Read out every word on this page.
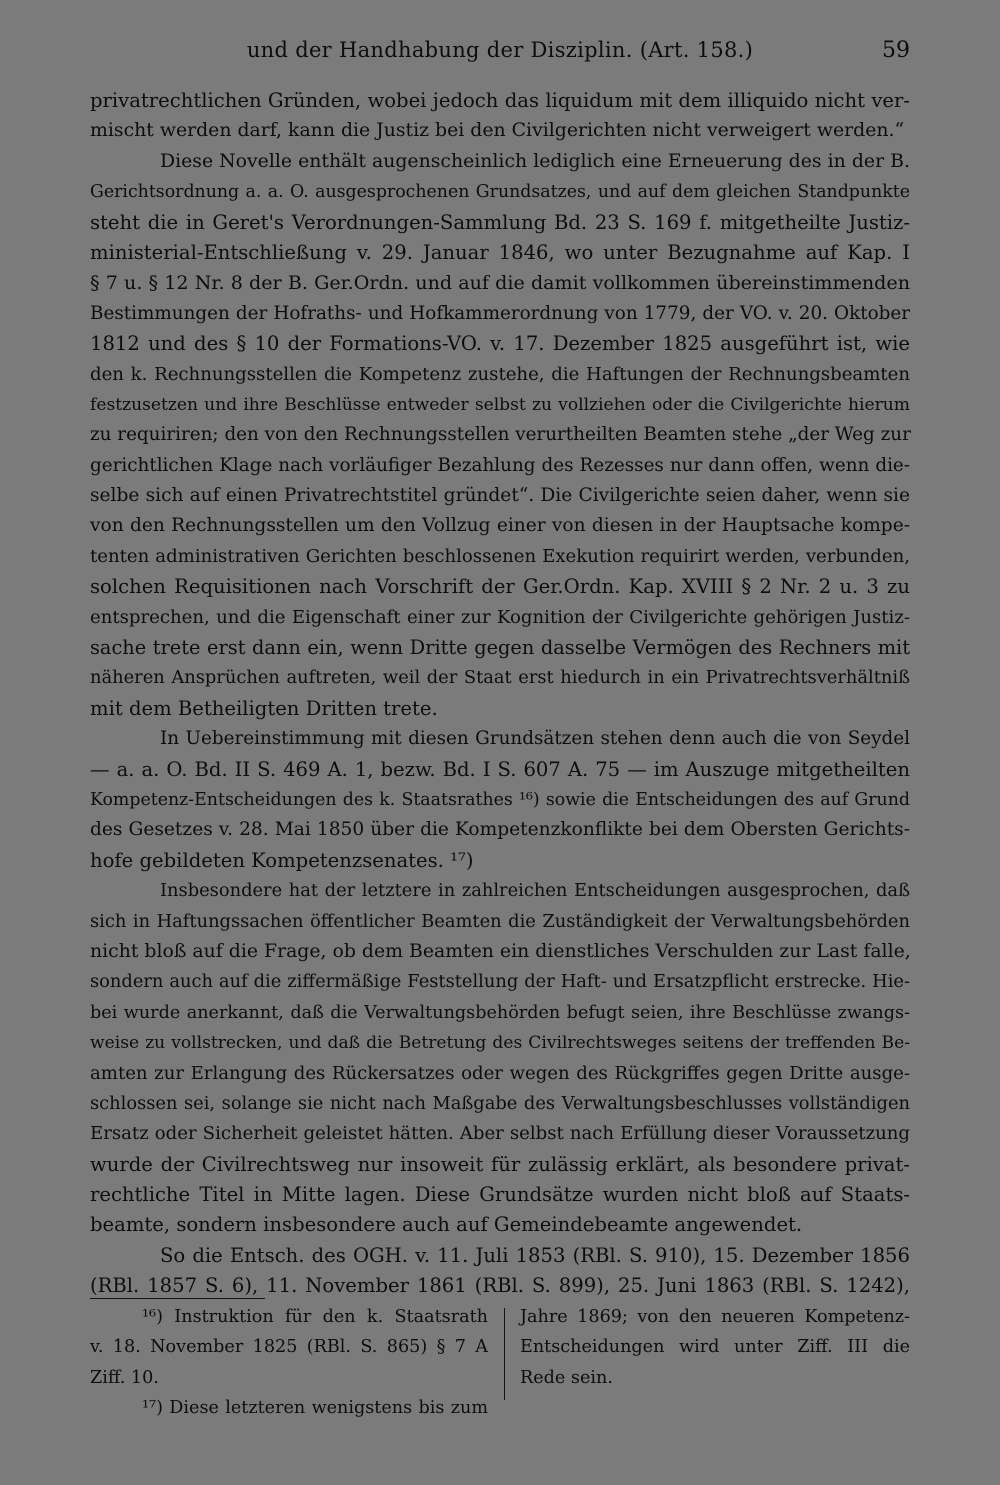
und der Handhabung der Disziplin. (Art. 158.)	59
privatrechtlichen Gründen, wobei jedoch das liquidum mit dem illiquido nicht ver-
mischt werden darf, kann die Justiz bei den Civilgerichten nicht verweigert werden.“
Diese Novelle enthält augenscheinlich lediglich eine Erneuerung des in der B.
Gerichtsordnung a. a. O. ausgesprochenen Grundsatzes, und auf dem gleichen Standpunkte
steht die in Geret's Verordnungen-Sammlung Bd. 23 S. 169 f. mitgetheilte Justiz-
ministerial-Entschließung v. 29. Januar 1846, wo unter Bezugnahme auf Kap. I
§ 7 u. § 12 Nr. 8 der B. Ger.Ordn. und auf die damit vollkommen übereinstimmenden
Bestimmungen der Hofraths- und Hofkammerordnung von 1779, der VO. v. 20. Oktober
1812 und des § 10 der Formations-VO. v. 17. Dezember 1825 ausgeführt ist, wie
den k. Rechnungsstellen die Kompetenz zustehe, die Haftungen der Rechnungsbeamten
festzusetzen und ihre Beschlüsse entweder selbst zu vollziehen oder die Civilgerichte hierum
zu requiriren; den von den Rechnungsstellen verurtheilten Beamten stehe „der Weg zur
gerichtlichen Klage nach vorläufiger Bezahlung des Rezesses nur dann offen, wenn die-
selbe sich auf einen Privatrechtstitel gründet“. Die Civilgerichte seien daher, wenn sie
von den Rechnungsstellen um den Vollzug einer von diesen in der Hauptsache kompe-
tenten administrativen Gerichten beschlossenen Exekution requirirt werden, verbunden,
solchen Requisitionen nach Vorschrift der Ger.Ordn. Kap. XVIII § 2 Nr. 2 u. 3 zu
entsprechen, und die Eigenschaft einer zur Kognition der Civilgerichte gehörigen Justiz-
sache trete erst dann ein, wenn Dritte gegen dasselbe Vermögen des Rechners mit
näheren Ansprüchen auftreten, weil der Staat erst hiedurch in ein Privatrechtsverhältniß
mit dem Betheiligten Dritten trete.
In Uebereinstimmung mit diesen Grundsätzen stehen denn auch die von Seydel
— a. a. O. Bd. II S. 469 A. 1, bezw. Bd. I S. 607 A. 75 — im Auszuge mitgetheilten
Kompetenz-Entscheidungen des k. Staatsrathes ¹⁶) sowie die Entscheidungen des auf Grund
des Gesetzes v. 28. Mai 1850 über die Kompetenzkonflikte bei dem Obersten Gerichts-
hofe gebildeten Kompetenzsenates. ¹⁷)
Insbesondere hat der letztere in zahlreichen Entscheidungen ausgesprochen, daß
sich in Haftungssachen öffentlicher Beamten die Zuständigkeit der Verwaltungsbehörden
nicht bloß auf die Frage, ob dem Beamten ein dienstliches Verschulden zur Last falle,
sondern auch auf die ziffermäßige Feststellung der Haft- und Ersatzpflicht erstrecke. Hie-
bei wurde anerkannt, daß die Verwaltungsbehörden befugt seien, ihre Beschlüsse zwangs-
weise zu vollstrecken, und daß die Betretung des Civilrechtsweges seitens der treffenden Be-
amten zur Erlangung des Rückersatzes oder wegen des Rückgriffes gegen Dritte ausge-
schlossen sei, solange sie nicht nach Maßgabe des Verwaltungsbeschlusses vollständigen
Ersatz oder Sicherheit geleistet hätten. Aber selbst nach Erfüllung dieser Voraussetzung
wurde der Civilrechtsweg nur insoweit für zulässig erklärt, als besondere privat-
rechtliche Titel in Mitte lagen. Diese Grundsätze wurden nicht bloß auf Staats-
beamte, sondern insbesondere auch auf Gemeindebeamte angewendet.
So die Entsch. des OGH. v. 11. Juli 1853 (RBl. S. 910), 15. Dezember 1856
(RBl. 1857 S. 6), 11. November 1861 (RBl. S. 899), 25. Juni 1863 (RBl. S. 1242),
¹⁶) Instruktion für den k. Staatsrath
v. 18. November 1825 (RBl. S. 865) § 7 A
Ziff. 10.
¹⁷) Diese letzteren wenigstens bis zum
Jahre 1869; von den neueren Kompetenz-
Entscheidungen wird unter Ziff. III die
Rede sein.
